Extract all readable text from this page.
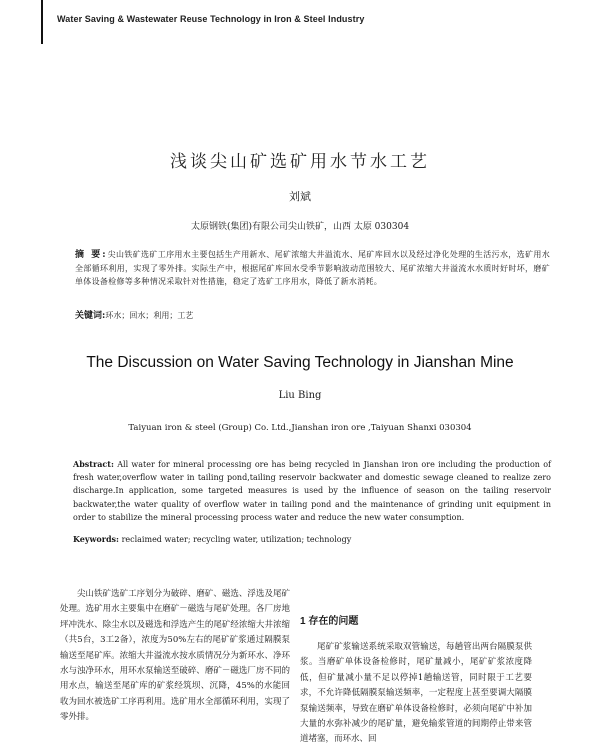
Water Saving & Wastewater Reuse Technology in Iron & Steel Industry
浅谈尖山矿选矿用水节水工艺
刘斌
太原钢铁(集团)有限公司尖山铁矿，山西 太原 030304
摘 要:尖山铁矿选矿工序用水主要包括生产用新水、尾矿浓缩大井溢流水、尾矿库回水以及经过净化处理的生活污水，选矿用水全部循环利用，实现了零外排。实际生产中，根据尾矿库回水受季节影响波动范围较大、尾矿浓缩大井溢流水水质时好时坏，磨矿单体设备检修等多种情况采取针对性措施，稳定了选矿工序用水，降低了新水消耗。
关键词:环水；回水；利用；工艺
The Discussion on Water Saving Technology in Jianshan Mine
Liu Bing
Taiyuan iron & steel (Group) Co. Ltd.,Jianshan iron ore ,Taiyuan Shanxi 030304
Abstract: All water for mineral processing ore has being recycled in Jianshan iron ore including the production of fresh water,overflow water in tailing pond,tailing reservoir backwater and domestic sewage cleaned to realize zero discharge.In application, some targeted measures is used by the influence of season on the tailing reservoir backwater,the water quality of overflow water in tailing pond and the maintenance of grinding unit equipment in order to stabilize the mineral processing process water and reduce the new water consumption.
Keywords: reclaimed water; recycling water, utilization; technology

尖山铁矿选矿工序划分为破碎、磨矿、磁选、浮选及尾矿处理。选矿用水主要集中在磨矿－磁选与尾矿处理。各厂房地坪冲洗水、除尘水以及磁选和浮选产生的尾矿经浓缩大井浓缩（共5台，3工2备），浓度为50%左右的尾矿矿浆通过隔膜泵输送至尾矿库。浓缩大井溢流水按水质情况分为新环水、净环水与浊净环水，用环水泵输送至破碎、磨矿－磁选厂房不同的用水点，输送至尾矿库的矿浆经筑坝、沉降，45%的水能回收为回水被选矿工序再利用。选矿用水全部循环利用，实现了零外排。

1 存在的问题

尾矿矿浆输送系统采取双管输送，每趟管出两台隔膜泵供浆。当磨矿单体设备检修时，尾矿量减小，尾矿矿浆浓度降低，但矿量减小量不足以停掉1趟输送管，同时限于工艺要求，不允许降低隔膜泵输送频率，一定程度上甚至要调大隔膜泵输送频率，导致在磨矿单体设备检修时，必须向尾矿中补加大量的水弥补减少的尾矿量，避免输浆管道的间期停止带来管道堵塞，而环水、回
